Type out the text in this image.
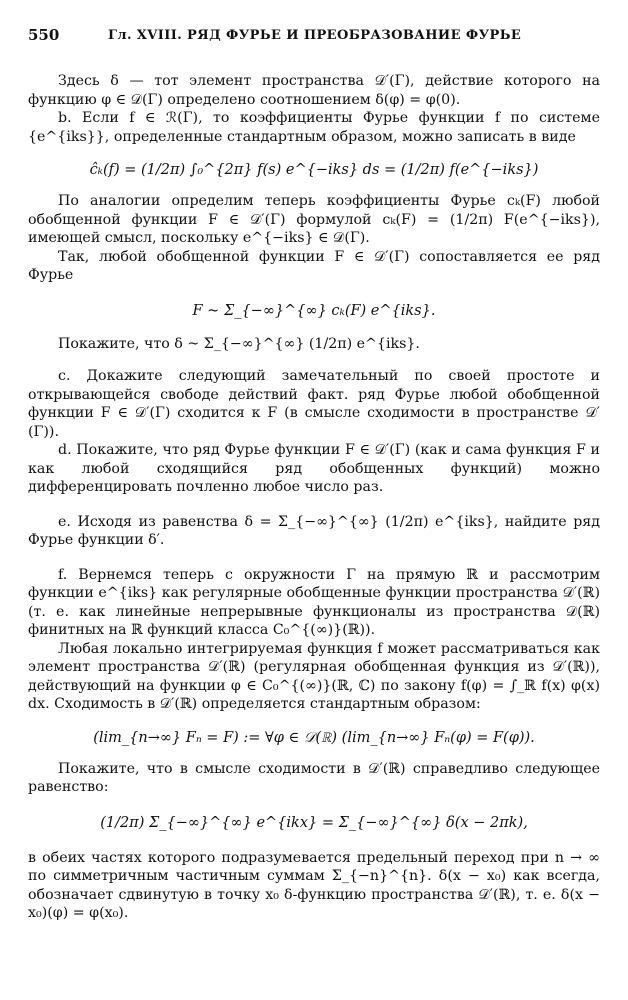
550	Гл. XVIII. РЯД ФУРЬЕ И ПРЕОБРАЗОВАНИЕ ФУРЬЕ

Здесь δ — тот элемент пространства 𝒟′(Γ), действие которого на функцию φ ∈ 𝒟(Γ) определено соотношением δ(φ) = φ(0).

b. Если f ∈ ℛ(Γ), то коэффициенты Фурье функции f по системе {e^{iks}}, определенные стандартным образом, можно записать в виде

ĉₖ(f) = (1/2π) ∫₀^{2π} f(s) e^{−iks} ds = (1/2π) f(e^{−iks})

По аналогии определим теперь коэффициенты Фурье cₖ(F) любой обобщенной функции F ∈ 𝒟′(Γ) формулой cₖ(F) = (1/2π) F(e^{−iks}), имеющей смысл, поскольку e^{−iks} ∈ 𝒟(Γ).

Так, любой обобщенной функции F ∈ 𝒟′(Γ) сопоставляется ее ряд Фурье

F ~ Σ_{−∞}^{∞} cₖ(F) e^{iks}.

Покажите, что δ ~ Σ_{−∞}^{∞} (1/2π) e^{iks}.

c. Докажите следующий замечательный по своей простоте и открывающейся свободе действий факт. ряд Фурье любой обобщенной функции F ∈ 𝒟′(Γ) сходится к F (в смысле сходимости в пространстве 𝒟′(Γ)).

d. Покажите, что ряд Фурье функции F ∈ 𝒟′(Γ) (как и сама функция F и как любой сходящийся ряд обобщенных функций) можно дифференцировать почленно любое число раз.

e. Исходя из равенства δ = Σ_{−∞}^{∞} (1/2π) e^{iks}, найдите ряд Фурье функции δ′.

f. Вернемся теперь с окружности Γ на прямую ℝ и рассмотрим функции e^{iks} как регулярные обобщенные функции пространства 𝒟′(ℝ) (т. е. как линейные непрерывные функционалы из пространства 𝒟(ℝ) финитных на ℝ функций класса C₀^{(∞)}(ℝ)).

Любая локально интегрируемая функция f может рассматриваться как элемент пространства 𝒟′(ℝ) (регулярная обобщенная функция из 𝒟′(ℝ)), действующий на функции φ ∈ C₀^{(∞)}(ℝ, ℂ) по закону f(φ) = ∫_ℝ f(x) φ(x) dx. Сходимость в 𝒟′(ℝ) определяется стандартным образом:

(lim_{n→∞} Fₙ = F) := ∀φ ∈ 𝒟(ℝ) (lim_{n→∞} Fₙ(φ) = F(φ)).

Покажите, что в смысле сходимости в 𝒟′(ℝ) справедливо следующее равенство:

(1/2π) Σ_{−∞}^{∞} e^{ikx} = Σ_{−∞}^{∞} δ(x − 2πk),

в обеих частях которого подразумевается предельный переход при n → ∞ по симметричным частичным суммам Σ_{−n}^{n}. δ(x − x₀) как всегда, обозначает сдвинутую в точку x₀ δ-функцию пространства 𝒟′(ℝ), т. е. δ(x − x₀)(φ) = φ(x₀).
